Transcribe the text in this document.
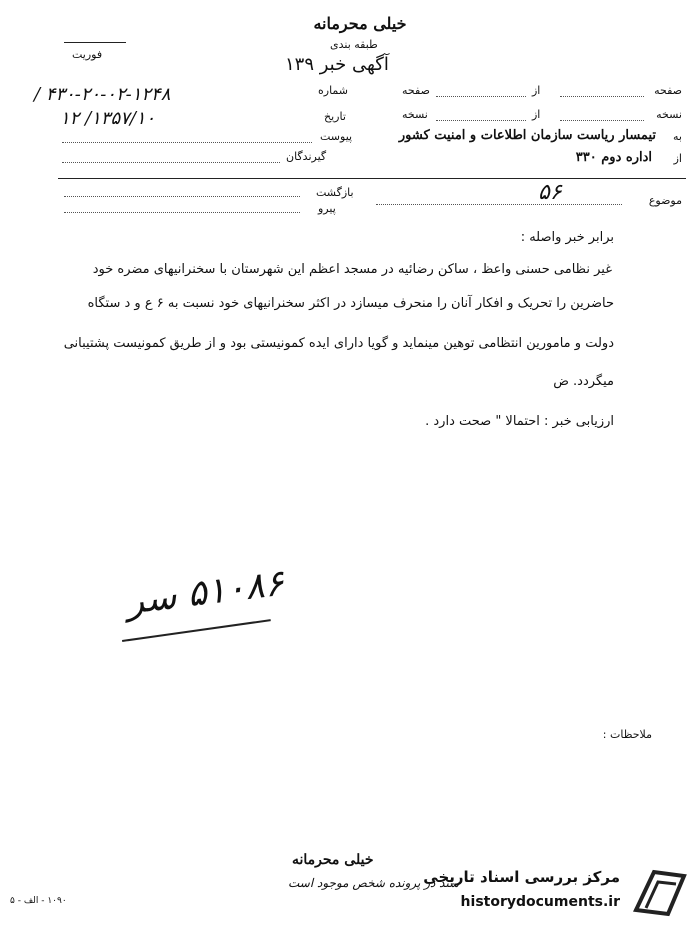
خیلی محرمانه
طبقه بندی
آگهی خبر ۱۳۹
فوریت
۴۳۰-۲۰-۰۲-۱۲۴۸ /	شماره
۱۳۵۷/۱۰/ ۱۲	تاریخ
پیوست
گیرندگان
صفحه
از
صفحه
نسخه
از
نسخه
به
تیمسار ریاست سازمان اطلاعات و امنیت کشور
از
اداره دوم ۳۳۰
موضوع
۵۶
بازگشت
پیرو
برابر خبر واصله :
غیر نظامی حسنی واعظ ، ساکن رضائیه در مسجد اعظم این شهرستان با سخنرانیهای مضره خود
حاضرین را تحریک و افکار آنان را منحرف میسازد در اکثر سخنرانیهای خود نسبت به ۶ ع و د ستگاه
دولت و مامورین انتظامی توهین مینماید و گویا دارای ایده کمونیستی بود و از طریق کمونیست پشتیبانی
میگردد. ض
ارزیابی خبر : احتمالا " صحت دارد .
۵۱۰۸۶ سر
ملاحظات :
خیلی محرمانه
سند در پرونده شخص موجود است
۱۰۹۰ - الف - ۵
مرکز بررسی اسناد تاریخی
historydocuments.ir
